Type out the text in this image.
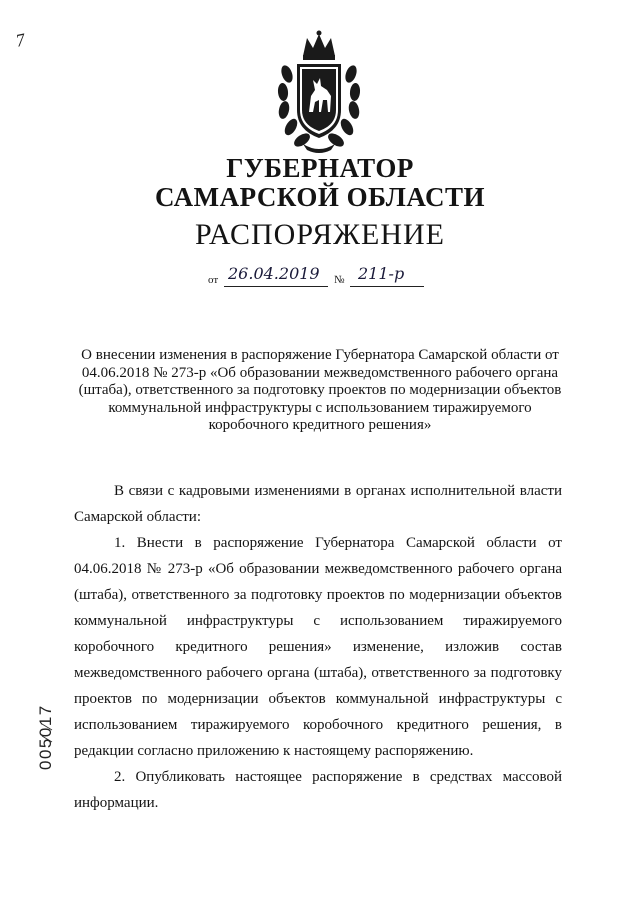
7
ГУБЕРНАТОР
САМАРСКОЙ ОБЛАСТИ
РАСПОРЯЖЕНИЕ
от 26.04.2019 № 211-р
О внесении изменения в распоряжение Губернатора Самарской области от 04.06.2018 № 273-р «Об образовании межведомственного рабочего органа (штаба), ответственного за подготовку проектов по модернизации объектов коммунальной инфраструктуры с использованием тиражируемого коробочного кредитного решения»
В связи с кадровыми изменениями в органах исполнительной власти Самарской области:
1. Внести в распоряжение Губернатора Самарской области от 04.06.2018 № 273-р «Об образовании межведомственного рабочего органа (штаба), ответственного за подготовку проектов по модернизации объектов коммунальной инфраструктуры с использованием тиражируемого коробочного кредитного решения» изменение, изложив состав межведомственного рабочего органа (штаба), ответственного за подготовку проектов по модернизации объектов коммунальной инфраструктуры с использованием тиражируемого коробочного кредитного решения, в редакции согласно приложению к настоящему распоряжению.
2. Опубликовать настоящее распоряжение в средствах массовой информации.
005017
